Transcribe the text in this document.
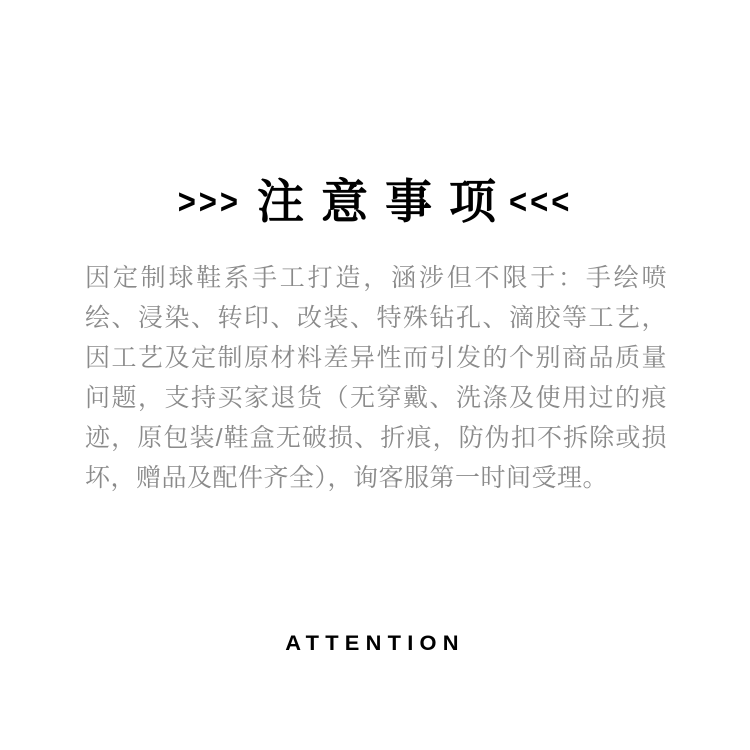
>>> 注意事项
<<<
因定制球鞋系手工打造，涵涉但不限于：手绘喷绘、浸染、转印、改装、特殊钻孔、滴胶等工艺，因工艺及定制原材料差异性而引发的个别商品质量问题，支持买家退货（无穿戴、洗涤及使用过的痕迹，原包装/鞋盒无破损、折痕，防伪扣不拆除或损坏，赠品及配件齐全），询客服第一时间受理。
ATTENTION
